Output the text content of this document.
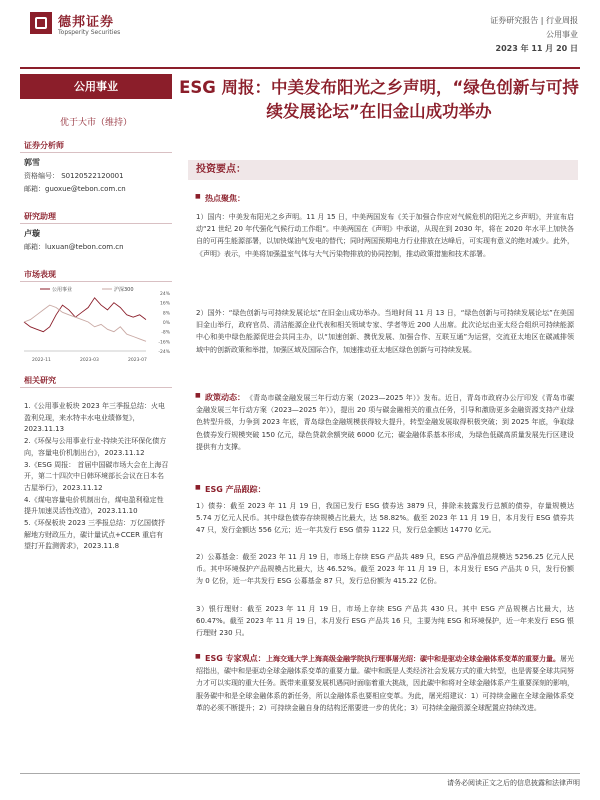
德邦证券
Topsperity Securities
证券研究报告 | 行业周报
公用事业
2023 年 11 月 20 日
公用事业
优于大市（维持）
证券分析师
郭雪
资格编号： S0120522120001
邮箱：guoxue@tebon.com.cn
研究助理
卢璇
邮箱：luxuan@tebon.com.cn
市场表现
24%
16%
8%
0%
-8%
-16%
-24%
2022-11	2023-03	2023-07
公用事业	沪深300
相关研究

1.《公用事业板块 2023 年三季报总结：火电盈利兑现，来水特丰水电业绩修复》，2023.11.13

2.《环保与公用事业行业-持续关注环保化债方向，容量电价机制出台》，2023.11.12

3.《ESG 周报： 首届中国碳市场大会在上海召开，第二十四次中日韩环境部长会议在日本名古屋举行》，2023.11.12

4.《煤电容量电价机制出台，煤电盈利稳定性提升加速灵活性改造》，2023.11.10

5.《环保板块 2023 三季报总结：万亿国债抒解地方财政压力，碳计量试点+CCER 重启有望打开监测需求》，2023.11.8

ESG 周报：中美发布阳光之乡声明，“绿色创新与可持续发展论坛”在旧金山成功举办
投资要点：
■ 热点聚焦：

1）国内：中美发布阳光之乡声明。11 月 15 日，中美两国发布《关于加强合作应对气候危机的阳光之乡声明》，并宣布启动“21 世纪 20 年代强化气候行动工作组”。中美两国在《声明》中承诺，从现在到 2030 年，将在 2020 年水平上加快各自的可再生能源部署，以加快煤油气发电的替代；同时两国预期电力行业排放在达峰后，可实现有意义的绝对减少。此外，《声明》表示，中美将加强温室气体与大气污染物排放的协同控制，推动政策措施和技术部署。

2）国外：“绿色创新与可持续发展论坛”在旧金山成功举办。当地时间 11 月 13 日，“绿色创新与可持续发展论坛”在美国旧金山举行，政府官员、清洁能源企业代表和相关领域专家、学者等近 200 人出席。此次论坛由亚太经合组织可持续能源中心和美中绿色能源促进会共同主办，以“加速创新、携优发展、加强合作、互联互通”为运营，交流亚太地区在碳减排领域中的创新政策和举措，加强区域及国际合作，加速推动亚太地区绿色创新与可持续发展。

■ 政策动态： 《青岛市碳金融发展三年行动方案（2023—2025 年）》发布。近日，青岛市政府办公厅印发《青岛市碳金融发展三年行动方案（2023—2025 年）》，提出 20 项与碳金融相关的重点任务，引导和激励更多金融资源支持产业绿色转型升级，力争到 2023 年底，青岛绿色金融规模获得较大提升，转型金融发展取得积极突破；到 2025 年底，争取绿色债券发行规模突破 150 亿元，绿色贷款余额突破 6000 亿元；碳金融体系基本形成，为绿色低碳高质量发展先行区建设提供有力支撑。

■ ESG 产品跟踪：

1）债券：截至 2023 年 11 月 19 日，我国已发行 ESG 债券达 3879 只，排除未披露发行总额的债券，存量规模达 5.74 万亿元人民币。其中绿色债券存续规模占比最大，达 58.82%。截至 2023 年 11 月 19 日，本月发行 ESG 债券共 47 只，发行金额达 556 亿元；近一年共发行 ESG 债券 1122 只，发行总金额达 14770 亿元。

2）公募基金：截至 2023 年 11 月 19 日，市场上存续 ESG 产品共 489 只，ESG 产品净值总规模达 5256.25 亿元人民币。其中环境保护产品规模占比最大，达 46.52%。截至 2023 年 11 月 19 日，本月发行 ESG 产品共 0 只，发行份额为 0 亿份，近一年共发行 ESG 公募基金 87 只，发行总份额为 415.22 亿份。

3）银行理财：截至 2023 年 11 月 19 日，市场上存续 ESG 产品共 430 只。其中 ESG 产品规模占比最大，达 60.47%。截至 2023 年 11 月 19 日，本月发行 ESG 产品共 16 只，主要为纯 ESG 和环境保护，近一年来发行 ESG 银行理财 230 只。

■ ESG 专家观点： 上海交通大学上海高级金融学院执行理事屠光绍：碳中和是驱动全球金融体系变革的重要力量。屠光绍指出，碳中和是驱动全球金融体系变革的重要力量。碳中和既是人类经济社会发展方式的重大转型，也是需要全球共同努力才可以实现的重大任务。既带来重要发展机遇同时面临着重大挑战，因此碳中和将对全球金融体系产生重要深刻的影响，服务碳中和是全球金融体系的新任务，所以金融体系也要相应变革。为此，屠光绍建议：1）可持续金融在全球金融体系变革的必须不断提升；2）可持续金融自身的结构还需要进一步的优化；3）可持续金融资源全球配置应持续改进。
请务必阅读正文之后的信息披露和法律声明
